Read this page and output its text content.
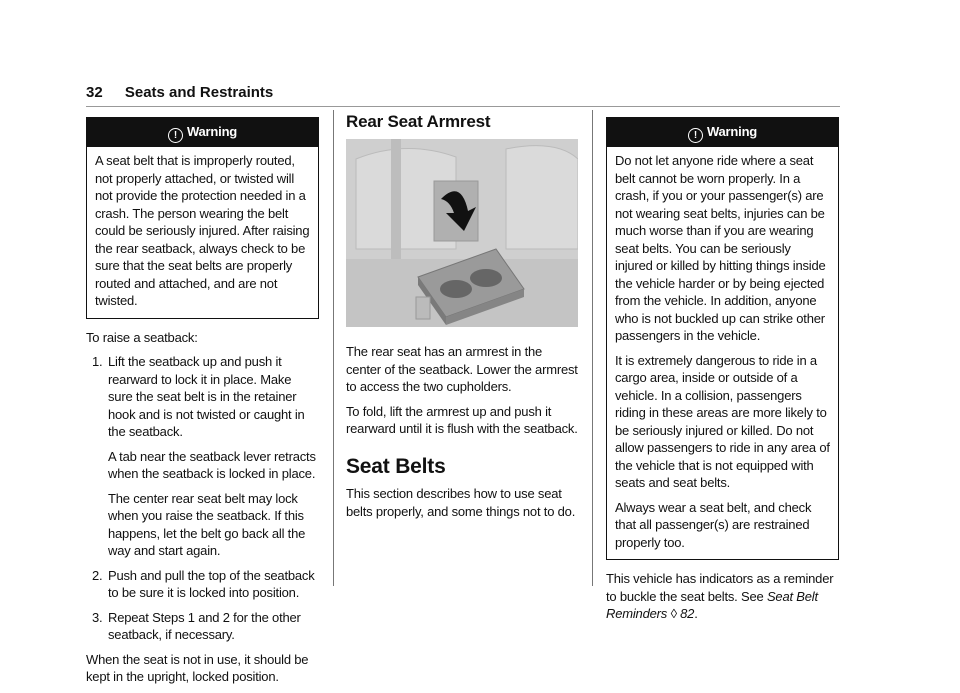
32 Seats and Restraints
! Warning

A seat belt that is improperly routed, not properly attached, or twisted will not provide the protection needed in a crash. The person wearing the belt could be seriously injured. After raising the rear seatback, always check to be sure that the seat belts are properly routed and attached, and are not twisted.

To raise a seatback:

1. Lift the seatback up and push it rearward to lock it in place. Make sure the seat belt is in the retainer hook and is not twisted or caught in the seatback.

A tab near the seatback lever retracts when the seatback is locked in place.

The center rear seat belt may lock when you raise the seatback. If this happens, let the belt go back all the way and start again.

2. Push and pull the top of the seatback to be sure it is locked into position.
3. Repeat Steps 1 and 2 for the other seatback, if necessary.

When the seat is not in use, it should be kept in the upright, locked position.

Rear Seat Armrest

The rear seat has an armrest in the center of the seatback. Lower the armrest to access the two cupholders.

To fold, lift the armrest up and push it rearward until it is flush with the seatback.

Seat Belts

This section describes how to use seat belts properly, and some things not to do.

! Warning

Do not let anyone ride where a seat belt cannot be worn properly. In a crash, if you or your passenger(s) are not wearing seat belts, injuries can be much worse than if you are wearing seat belts. You can be seriously injured or killed by hitting things inside the vehicle harder or by being ejected from the vehicle. In addition, anyone who is not buckled up can strike other passengers in the vehicle.

It is extremely dangerous to ride in a cargo area, inside or outside of a vehicle. In a collision, passengers riding in these areas are more likely to be seriously injured or killed. Do not allow passengers to ride in any area of the vehicle that is not equipped with seats and seat belts.

Always wear a seat belt, and check that all passenger(s) are restrained properly too.

This vehicle has indicators as a reminder to buckle the seat belts. See Seat Belt Reminders ◊ 82.
